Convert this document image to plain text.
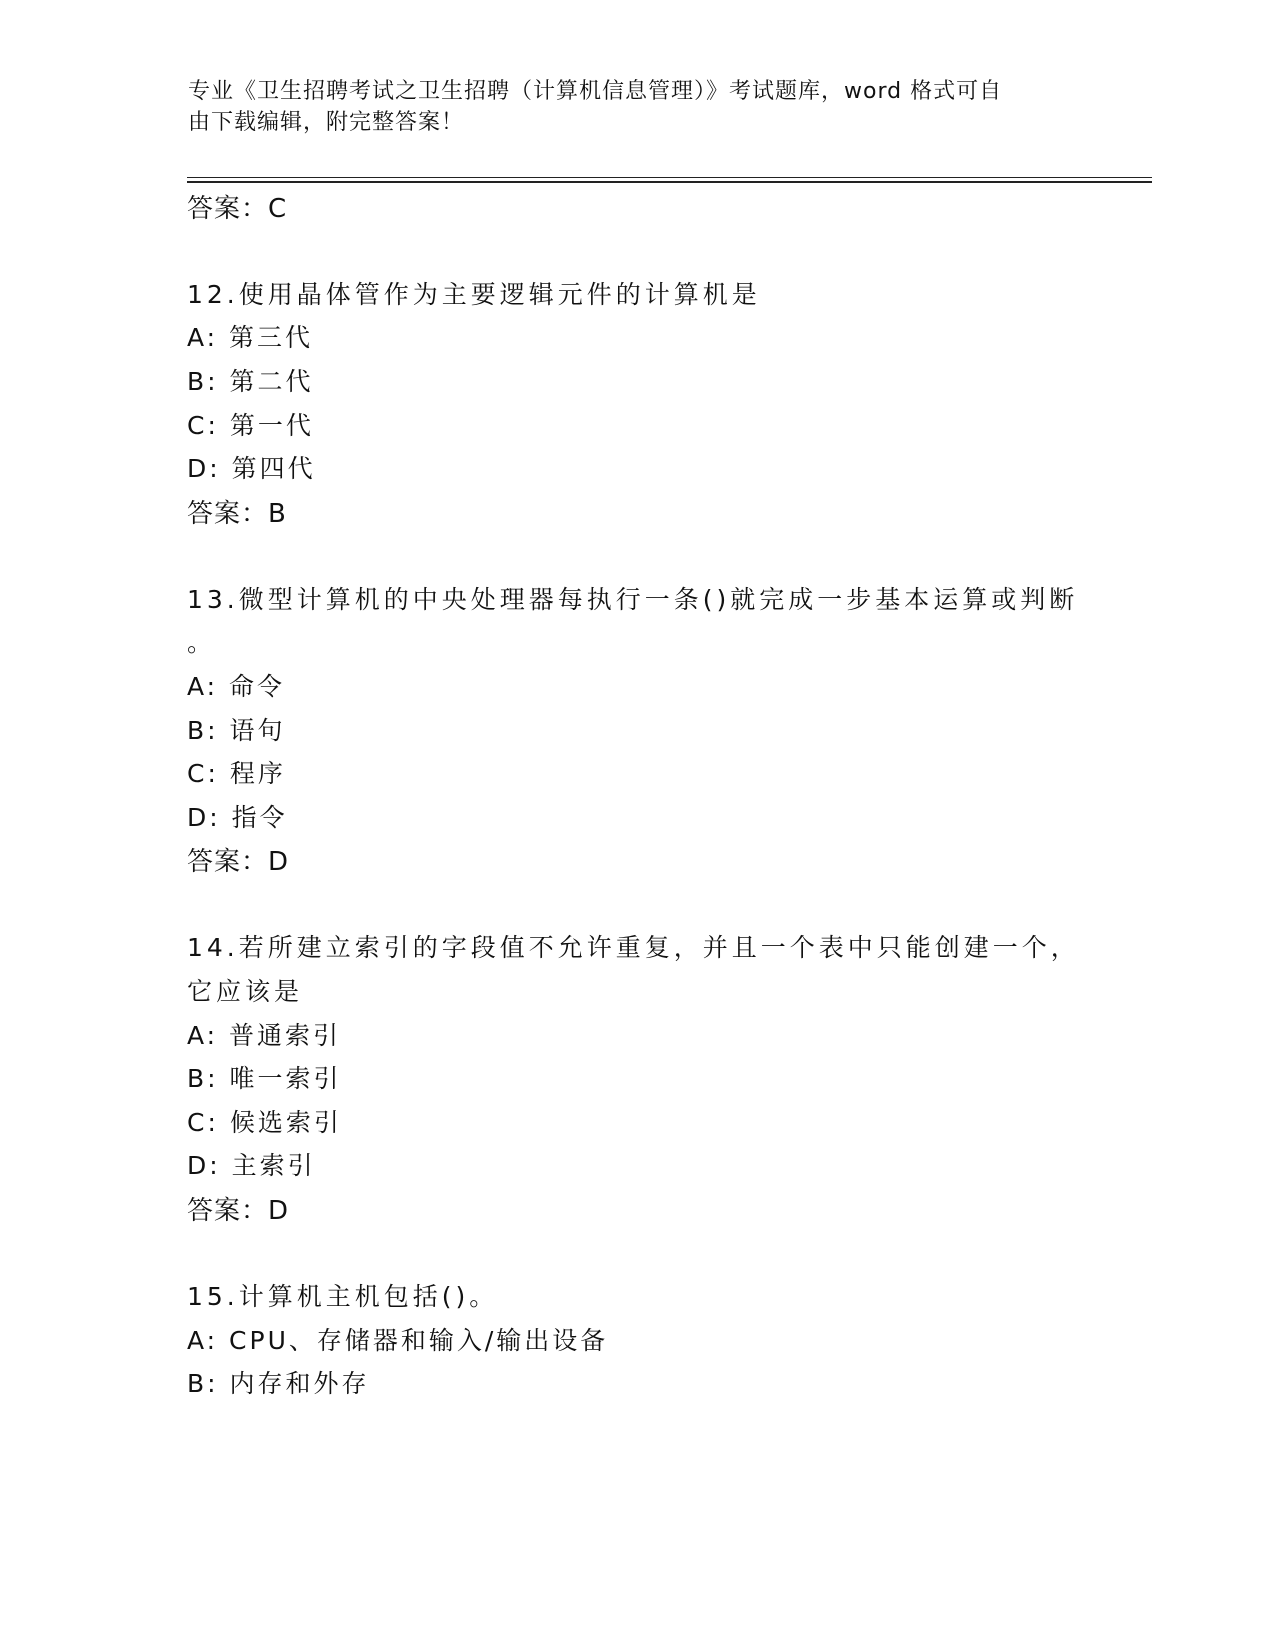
专业《卫生招聘考试之卫生招聘（计算机信息管理）》考试题库，word 格式可自
由下载编辑，附完整答案！
答案：C
12.使用晶体管作为主要逻辑元件的计算机是
A: 第三代
B: 第二代
C: 第一代
D: 第四代
答案：B
13.微型计算机的中央处理器每执行一条()就完成一步基本运算或判断
。
A: 命令
B: 语句
C: 程序
D: 指令
答案：D
14.若所建立索引的字段值不允许重复，并且一个表中只能创建一个，
它应该是
A: 普通索引
B: 唯一索引
C: 候选索引
D: 主索引
答案：D
15.计算机主机包括()。
A: CPU、存储器和输入/输出设备
B: 内存和外存
